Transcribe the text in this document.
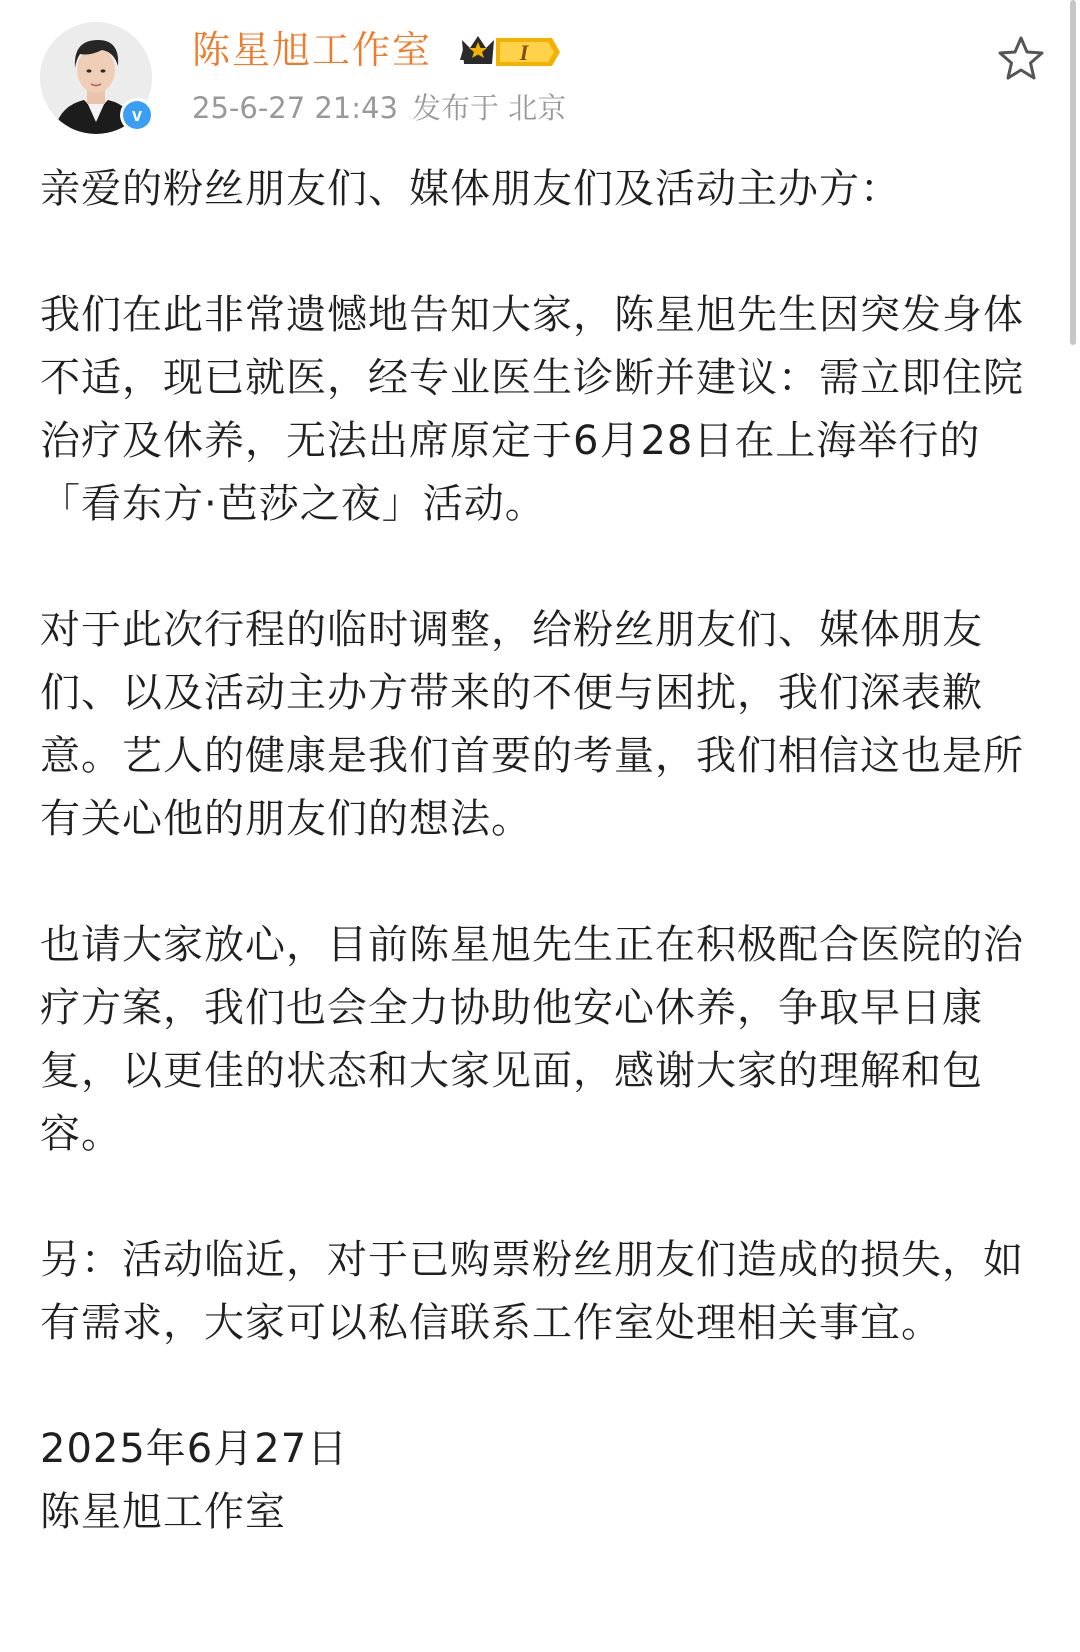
v
陈星旭工作室	I
25-6-27 21:43 发布于 北京

亲爱的粉丝朋友们、媒体朋友们及活动主办方：

我们在此非常遗憾地告知大家，陈星旭先生因突发身体不适，现已就医，经专业医生诊断并建议：需立即住院治疗及休养，无法出席原定于6月28日在上海举行的「看东方·芭莎之夜」活动。

对于此次行程的临时调整，给粉丝朋友们、媒体朋友们、以及活动主办方带来的不便与困扰，我们深表歉意。艺人的健康是我们首要的考量，我们相信这也是所有关心他的朋友们的想法。

也请大家放心，目前陈星旭先生正在积极配合医院的治疗方案，我们也会全力协助他安心休养，争取早日康复，以更佳的状态和大家见面，感谢大家的理解和包容。

另：活动临近，对于已购票粉丝朋友们造成的损失，如有需求，大家可以私信联系工作室处理相关事宜。

2025年6月27日
陈星旭工作室
